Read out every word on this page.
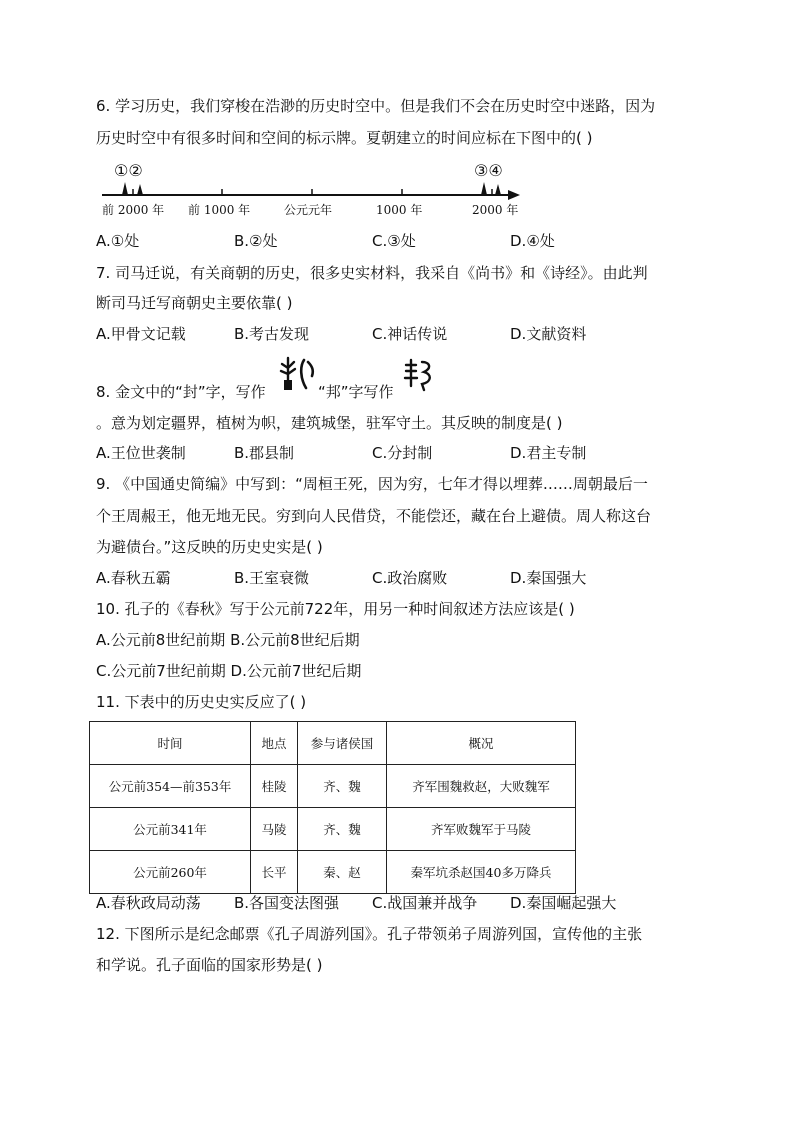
6. 学习历史，我们穿梭在浩渺的历史时空中。但是我们不会在历史时空中迷路，因为
历史时空中有很多时间和空间的标示牌。夏朝建立的时间应标在下图中的( )
①②	③④
前 2000 年 前 1000 年	公元元年	1000 年	2000 年
A.①处	B.②处	C.③处	D.④处
7. 司马迁说，有关商朝的历史，很多史实材料，我采自《尚书》和《诗经》。由此判
断司马迁写商朝史主要依靠( )
A.甲骨文记载	B.考古发现	C.神话传说	D.文献资料
8. 金文中的“封”字，写作	“邦”字写作
。意为划定疆界，植树为帜，建筑城堡，驻军守土。其反映的制度是( )
A.王位世袭制	B.郡县制	C.分封制	D.君主专制
9. 《中国通史简编》中写到：“周桓王死，因为穷，七年才得以埋葬……周朝最后一
个王周赧王，他无地无民。穷到向人民借贷，不能偿还，藏在台上避债。周人称这台
为避债台。”这反映的历史史实是( )
A.春秋五霸	B.王室衰微	C.政治腐败	D.秦国强大
10. 孔子的《春秋》写于公元前722年，用另一种时间叙述方法应该是( )
A.公元前8世纪前期 B.公元前8世纪后期
C.公元前7世纪前期 D.公元前7世纪后期
11. 下表中的历史史实反应了( )
时间	地点	参与诸侯国	概况
公元前354—前353年	桂陵	齐、魏	齐军围魏救赵，大败魏军
公元前341年	马陵	齐、魏	齐军败魏军于马陵
公元前260年	长平	秦、赵	秦军坑杀赵国40多万降兵
A.春秋政局动荡 B.各国变法图强 C.战国兼并战争 D.秦国崛起强大
12. 下图所示是纪念邮票《孔子周游列国》。孔子带领弟子周游列国，宣传他的主张
和学说。孔子面临的国家形势是( )
